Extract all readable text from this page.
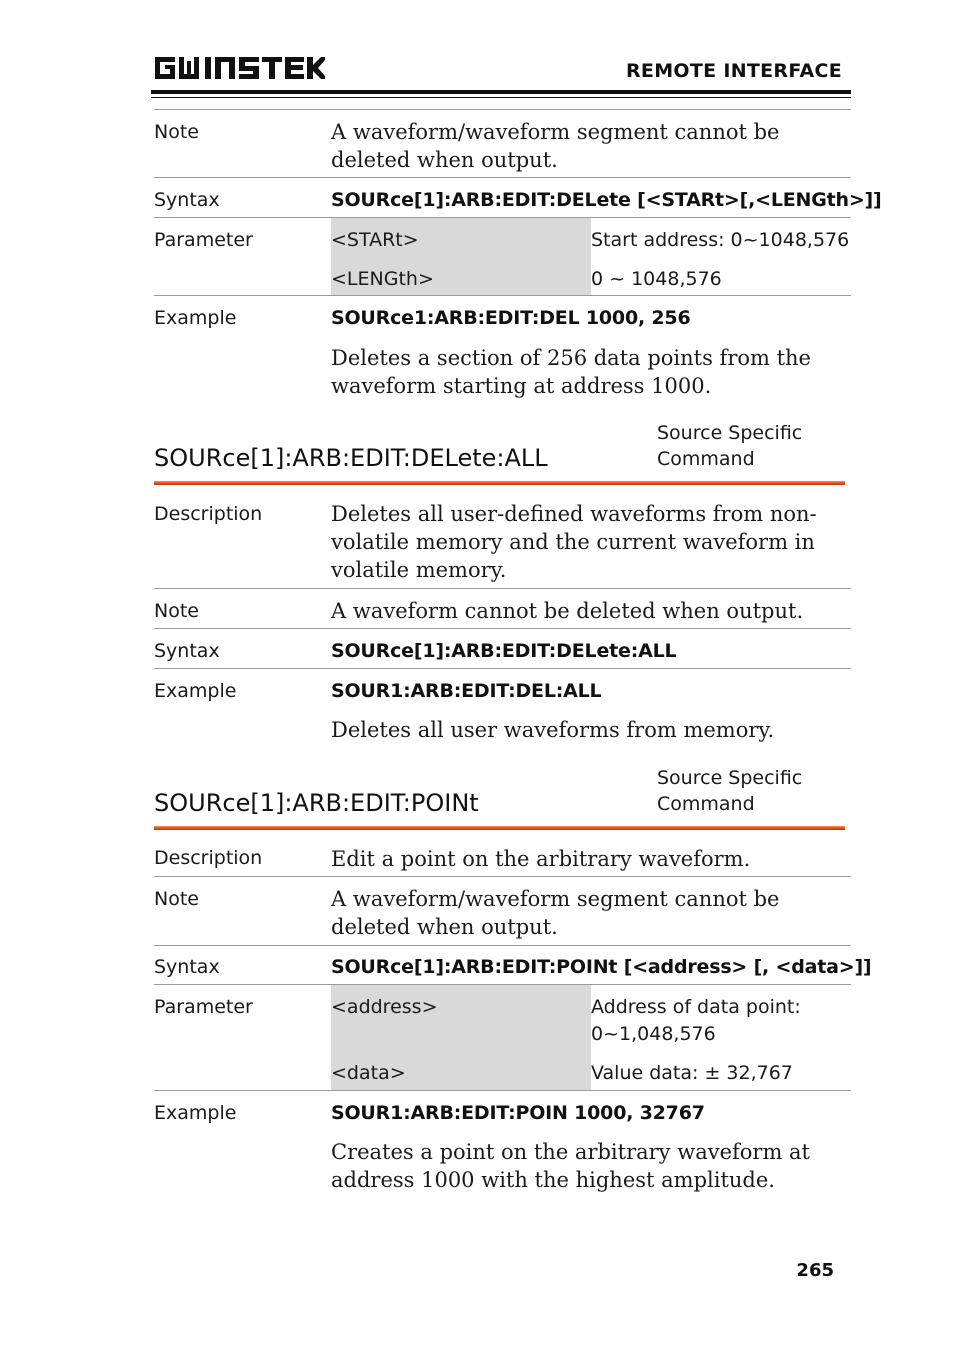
REMOTE INTERFACE
Note	A waveform/waveform segment cannot be
deleted when output.
Syntax	SOURce[1]:ARB:EDIT:DELete [<STARt>[,<LENGth>]]
Parameter	<STARt>	Start address: 0~1048,576
<LENGth>	0 ~ 1048,576
Example	SOURce1:ARB:EDIT:DEL 1000, 256
Deletes a section of 256 data points from the
waveform starting at address 1000.
SOURce[1]:ARB:EDIT:DELete:ALL
Source Specific
Command
Description	Deletes all user-defined waveforms from non-
volatile memory and the current waveform in
volatile memory.
Note	A waveform cannot be deleted when output.
Syntax	SOURce[1]:ARB:EDIT:DELete:ALL
Example	SOUR1:ARB:EDIT:DEL:ALL
Deletes all user waveforms from memory.
SOURce[1]:ARB:EDIT:POINt
Source Specific
Command
Description	Edit a point on the arbitrary waveform.
Note	A waveform/waveform segment cannot be
deleted when output.
Syntax	SOURce[1]:ARB:EDIT:POINt [<address> [, <data>]]
Parameter	<address>	Address of data point:
0~1,048,576
<data>	Value data: ± 32,767
Example	SOUR1:ARB:EDIT:POIN 1000, 32767
Creates a point on the arbitrary waveform at
address 1000 with the highest amplitude.
265
